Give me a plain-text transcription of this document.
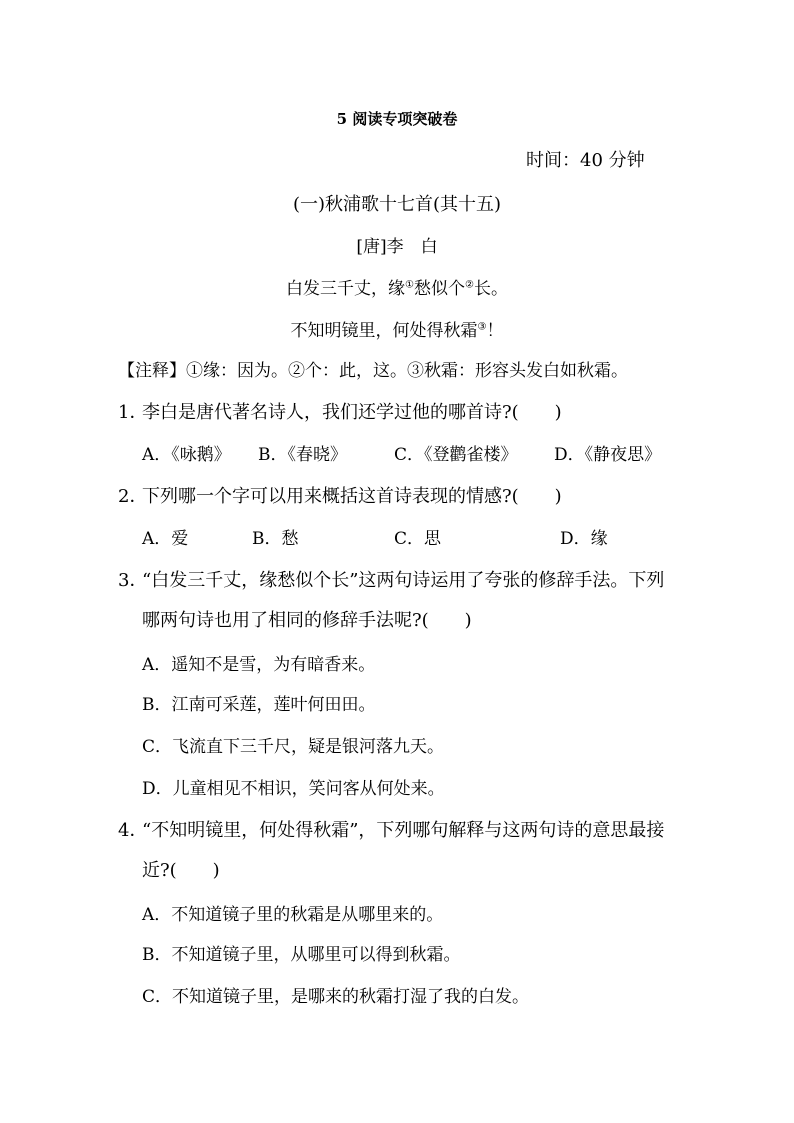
5 阅读专项突破卷
时间：40 分钟
(一)秋浦歌十七首(其十五)
[唐]李　白
白发三千丈，缘①愁似个②长。
不知明镜里，何处得秋霜③！
【注释】①缘：因为。②个：此，这。③秋霜：形容头发白如秋霜。
1．李白是唐代著名诗人，我们还学过他的哪首诗?(　　)
A．《咏鹅》 B．《春晓》	C．《登鹳雀楼》 D．《静夜思》
2．下列哪一个字可以用来概括这首诗表现的情感?(　　)
A．爱	B．愁	C．思	D．缘
3．“白发三千丈，缘愁似个长”这两句诗运用了夸张的修辞手法。下列
哪两句诗也用了相同的修辞手法呢?(　　)
A．遥知不是雪，为有暗香来。
B．江南可采莲，莲叶何田田。
C．飞流直下三千尺，疑是银河落九天。
D．儿童相见不相识，笑问客从何处来。
4．“不知明镜里，何处得秋霜”，下列哪句解释与这两句诗的意思最接
近?(　　)
A．不知道镜子里的秋霜是从哪里来的。
B．不知道镜子里，从哪里可以得到秋霜。
C．不知道镜子里，是哪来的秋霜打湿了我的白发。
